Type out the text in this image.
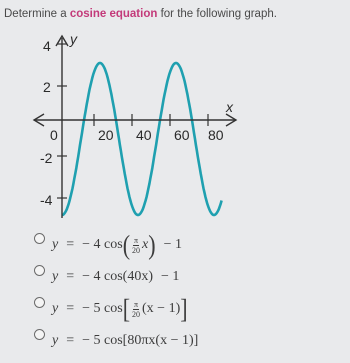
Determine a cosine equation for the following graph.
y
x
4
2
-2
-4
0	20 40 60 80
y = − 4 cos ( $\frac{\pi}{20}$ x ) − 1
y = − 4 cos(40x) − 1
y = − 5 cos [ $\frac{\pi}{20} (x - 1)$ ]
y = − 5 cos[80πx(x − 1)]
